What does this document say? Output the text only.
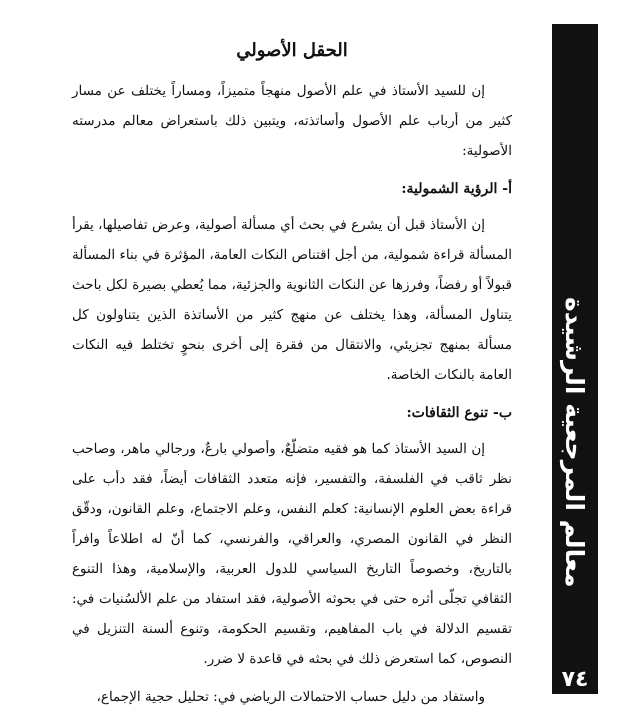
معالم المرجعية الرشيدة
٧٤
الحقل الأصولي

إن للسيد الأستاذ في علم الأصول منهجاً متميزاً، ومساراً يختلف عن مسار كثير من أرباب علم الأصول وأساتذته، ويتبين ذلك باستعراض معالم مدرسته الأصولية:

أ- الرؤية الشمولية:

إن الأستاذ قبل أن يشرع في بحث أي مسألة أصولية، وعرض تفاصيلها، يقرأ المسألة قراءة شمولية، من أجل اقتناص النكات العامة، المؤثرة في بناء المسألة قبولاً أو رفضاً، وفرزها عن النكات الثانوية والجزئية، مما يُعطي بصيرة لكل باحث يتناول المسألة، وهذا يختلف عن منهج كثير من الأساتذة الذين يتناولون كل مسألة بمنهج تجزيئي، والانتقال من فقرة إلى أخرى بنحوٍ تختلط فيه النكات العامة بالنكات الخاصة.

ب- تنوع الثقافات:

إن السيد الأستاذ كما هو فقيه متضلّعٌ، وأصولي بارعٌ، ورجالي ماهر، وصاحب نظر ثاقب في الفلسفة، والتفسير، فإنه متعدد الثقافات أيضاً، فقد دأب على قراءة بعض العلوم الإنسانية: كعلم النفس، وعلم الاجتماع، وعلم القانون، ودقّق النظر في القانون المصري، والعراقي، والفرنسي، كما أنّ له اطلاعاً وافراً بالتاريخ، وخصوصاً التاريخ السياسي للدول العربية، والإسلامية، وهذا التنوع الثقافي تجلّى أثره حتى في بحوثه الأصولية، فقد استفاد من علم الألسُنيات في: تقسيم الدلالة في باب المفاهيم، وتقسيم الحكومة، وتنوع ألسنة التنزيل في النصوص، كما استعرض ذلك في بحثه في قاعدة لا ضرر.

واستفاد من دليل حساب الاحتمالات الرياضي في: تحليل حجية الإجماع،
